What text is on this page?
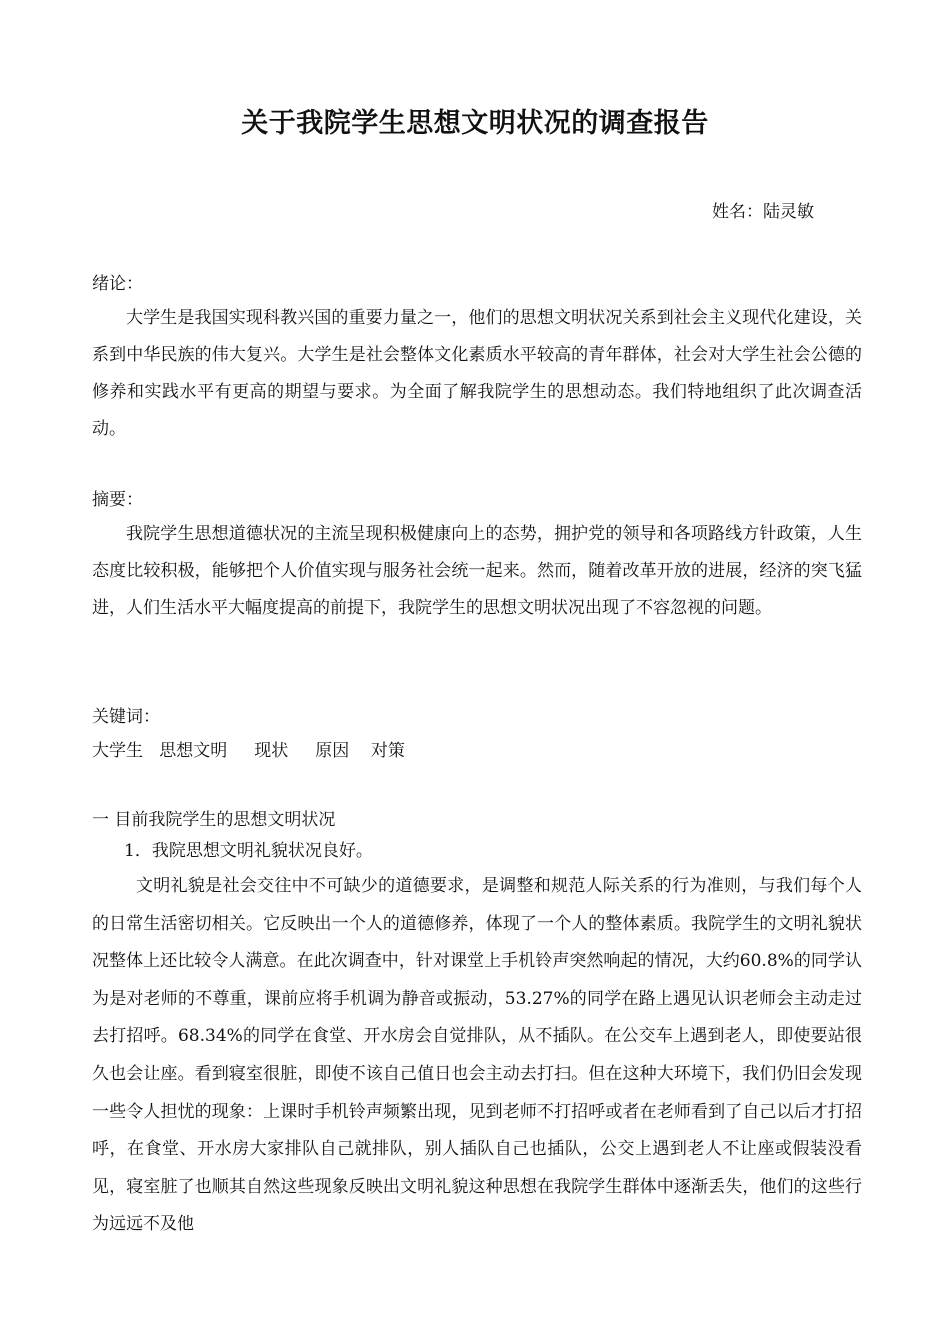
关于我院学生思想文明状况的调查报告
姓名：陆灵敏
绪论：

大学生是我国实现科教兴国的重要力量之一，他们的思想文明状况关系到社会主义现代化建设，关系到中华民族的伟大复兴。大学生是社会整体文化素质水平较高的青年群体，社会对大学生社会公德的修养和实践水平有更高的期望与要求。为全面了解我院学生的思想动态。我们特地组织了此次调查活动。

摘要：

我院学生思想道德状况的主流呈现积极健康向上的态势，拥护党的领导和各项路线方针政策，人生态度比较积极，能够把个人价值实现与服务社会统一起来。然而，随着改革开放的进展，经济的突飞猛进，人们生活水平大幅度提高的前提下，我院学生的思想文明状况出现了不容忽视的问题。

关键词：
大学生   思想文明     现状     原因    对策
一 目前我院学生的思想文明状况
1．我院思想文明礼貌状况良好。

文明礼貌是社会交往中不可缺少的道德要求，是调整和规范人际关系的行为准则，与我们每个人的日常生活密切相关。它反映出一个人的道德修养，体现了一个人的整体素质。我院学生的文明礼貌状况整体上还比较令人满意。在此次调查中，针对课堂上手机铃声突然响起的情况，大约60.8%的同学认为是对老师的不尊重，课前应将手机调为静音或振动，53.27%的同学在路上遇见认识老师会主动走过去打招呼。68.34%的同学在食堂、开水房会自觉排队，从不插队。在公交车上遇到老人，即使要站很久也会让座。看到寝室很脏，即使不该自己值日也会主动去打扫。但在这种大环境下，我们仍旧会发现一些令人担忧的现象：上课时手机铃声频繁出现，见到老师不打招呼或者在老师看到了自己以后才打招呼，在食堂、开水房大家排队自己就排队，别人插队自己也插队，公交上遇到老人不让座或假装没看见，寝室脏了也顺其自然这些现象反映出文明礼貌这种思想在我院学生群体中逐渐丢失，他们的这些行为远远不及他
